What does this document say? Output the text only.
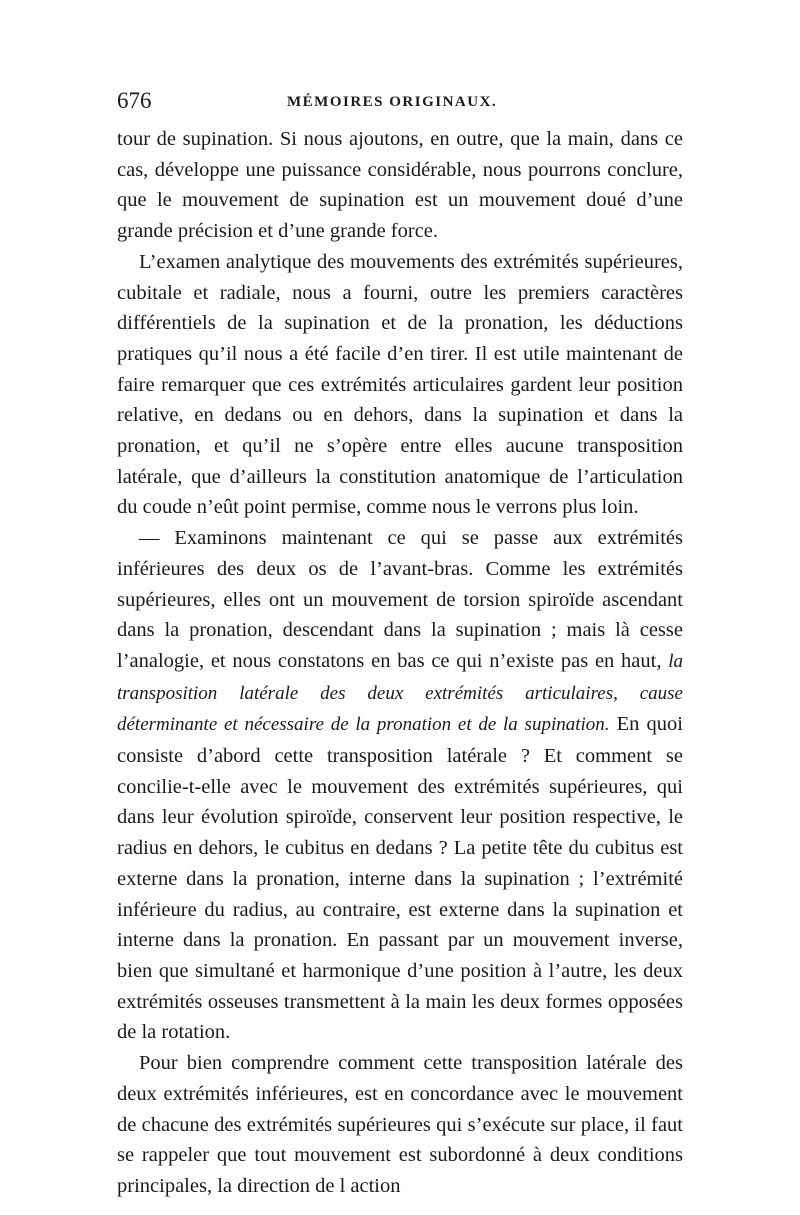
676	MÉMOIRES ORIGINAUX.

tour de supination. Si nous ajoutons, en outre, que la main, dans ce cas, développe une puissance considérable, nous pourrons conclure, que le mouvement de supination est un mouvement doué d’une grande précision et d’une grande force.

L’examen analytique des mouvements des extrémités supérieures, cubitale et radiale, nous a fourni, outre les premiers caractères différentiels de la supination et de la pronation, les déductions pratiques qu’il nous a été facile d’en tirer. Il est utile maintenant de faire remarquer que ces extrémités articulaires gardent leur position relative, en dedans ou en dehors, dans la supination et dans la pronation, et qu’il ne s’opère entre elles aucune transposition latérale, que d’ailleurs la constitution anatomique de l’articulation du coude n’eût point permise, comme nous le verrons plus loin.

— Examinons maintenant ce qui se passe aux extrémités inférieures des deux os de l’avant-bras. Comme les extrémités supérieures, elles ont un mouvement de torsion spiroïde ascendant dans la pronation, descendant dans la supination ; mais là cesse l’analogie, et nous constatons en bas ce qui n’existe pas en haut, la transposition latérale des deux extrémités articulaires, cause déterminante et nécessaire de la pronation et de la supination. En quoi consiste d’abord cette transposition latérale ? Et comment se concilie-t-elle avec le mouvement des extrémités supérieures, qui dans leur évolution spiroïde, conservent leur position respective, le radius en dehors, le cubitus en dedans ? La petite tête du cubitus est externe dans la pronation, interne dans la supination ; l’extrémité inférieure du radius, au contraire, est externe dans la supination et interne dans la pronation. En passant par un mouvement inverse, bien que simultané et harmonique d’une position à l’autre, les deux extrémités osseuses transmettent à la main les deux formes opposées de la rotation.

Pour bien comprendre comment cette transposition latérale des deux extrémités inférieures, est en concordance avec le mouvement de chacune des extrémités supérieures qui s’exécute sur place, il faut se rappeler que tout mouvement est subordonné à deux conditions principales, la direction de l action
